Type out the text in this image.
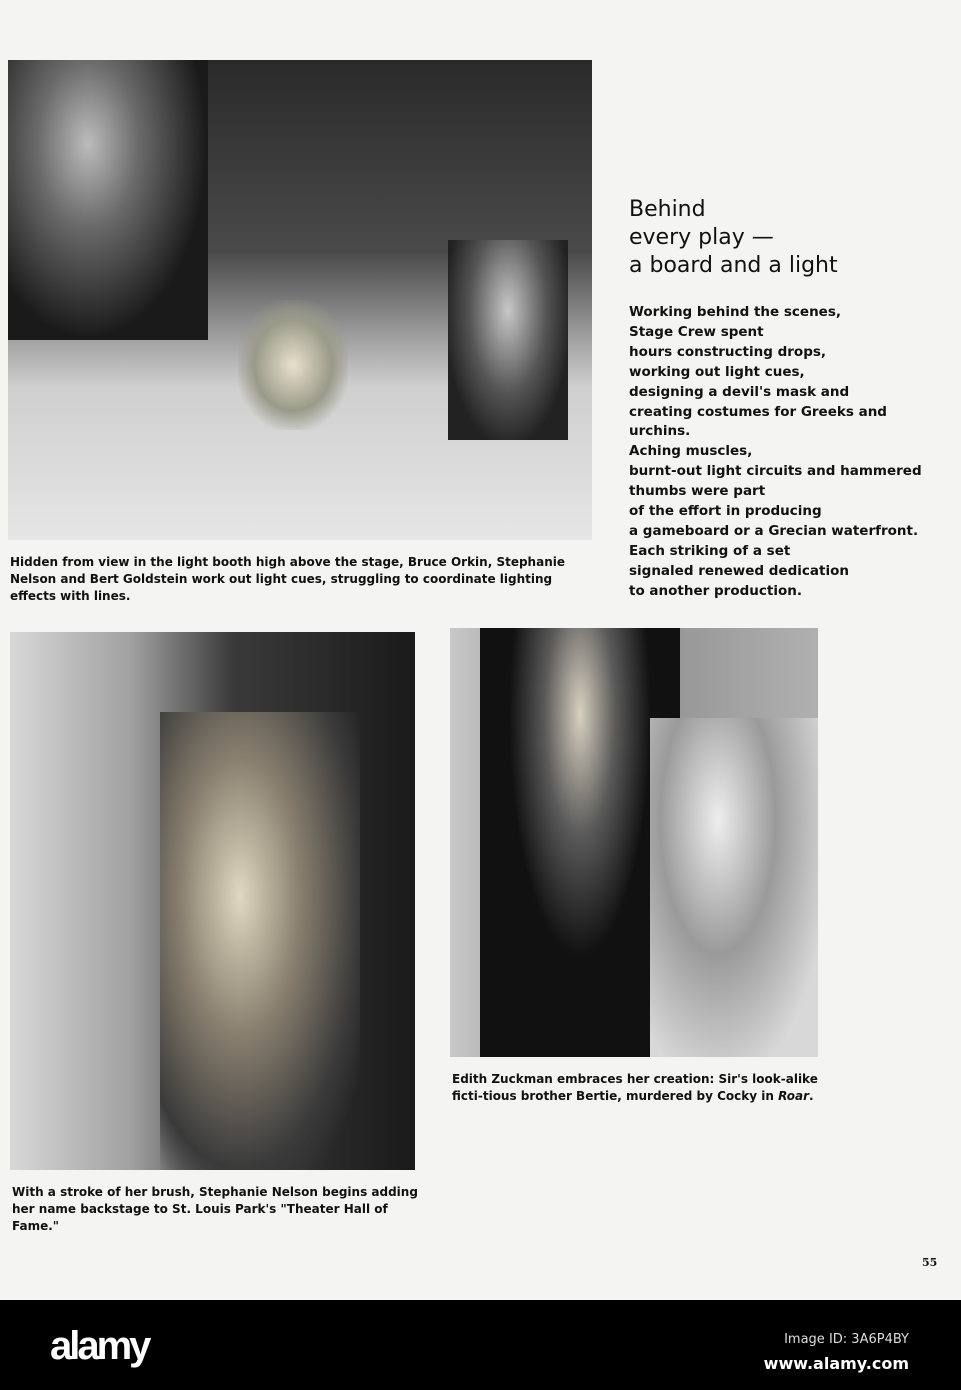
Hidden from view in the light booth high above the stage, Bruce Orkin, Stephanie Nelson and Bert Goldstein work out light cues, struggling to coordinate lighting effects with lines.
Behind
every play —
a board and a light
Working behind the scenes,
Stage Crew spent
hours constructing drops,
working out light cues,
designing a devil's mask and
creating costumes for Greeks and
urchins.
Aching muscles,
burnt-out light circuits and hammered
thumbs were part
of the effort in producing
a gameboard or a Grecian waterfront.
Each striking of a set
signaled renewed dedication
to another production.
With a stroke of her brush, Stephanie Nelson begins adding her name backstage to St. Louis Park's "Theater Hall of Fame."
Edith Zuckman embraces her creation: Sir's look-alike ficti-tious brother Bertie, murdered by Cocky in Roar.
55
alamy	Image ID: 3A6P4BY
www.alamy.com
